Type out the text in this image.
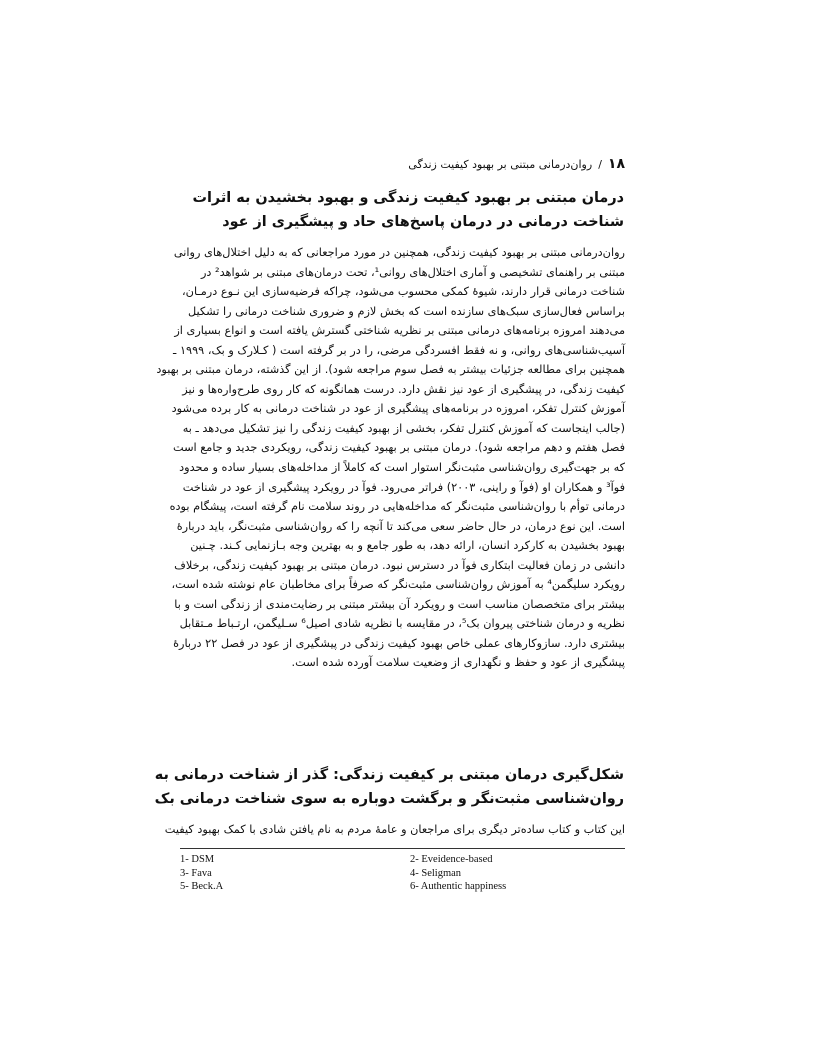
۱۸
/
روان‌درمانی مبتنی بر بهبود کیفیت زندگی
درمان مبتنی بر بهبود کیفیت زندگی و بهبود بخشیدن به اثرات
شناخت درمانی در درمان پاسخ‌های حاد و پیشگیری از عود
روان‌درمانی مبتنی بر بهبود کیفیت زندگی، همچنین در مورد مراجعانی که به دلیل اختلال‌های روانی
مبتنی بر راهنمای تشخیصی و آماری اختلال‌های روانی¹، تحت درمان‌های مبتنی بر شواهد² در
شناخت درمانی قرار دارند، شیوهٔ کمکی محسوب می‌شود، چراکه فرضیه‌سازی این نـوع درمـان،
براساس فعال‌سازی سبک‌های سازنده است که بخش لازم و ضروری شناخت درمانی را تشکیل
می‌دهند امروزه برنامه‌های درمانی مبتنی بر نظریه شناختی گسترش یافته است و انواع بسیاری از
آسیب‌شناسی‌های روانی، و نه فقط افسردگی مرضی، را در بر گرفته است ( کـلارک و بک، ۱۹۹۹ ـ
همچنین برای مطالعه جزئیات بیشتر به فصل سوم مراجعه شود). از این گذشته، درمان مبتنی بر بهبود
کیفیت زندگی، در پیشگیری از عود نیز نقش دارد. درست همانگونه که کار روی طرح‌واره‌ها و نیز
آموزش کنترل تفکر، امروزه در برنامه‌های پیشگیری از عود در شناخت درمانی به کار برده می‌شود
(جالب اینجاست که آموزش کنترل تفکر، بخشی از بهبود کیفیت زندگی را نیز تشکیل می‌دهد ـ به
فصل هفتم و دهم مراجعه شود). درمان مبتنی بر بهبود کیفیت زندگی، رویکردی جدید و جامع است
که بر جهت‌گیری روان‌شناسی مثبت‌نگر استوار است که کاملاً از مداخله‌های بسیار ساده و محدود
فوآ³ و همکاران او (فوآ و راینی، ۲۰۰۳) فراتر می‌رود. فوآ در رویکرد پیشگیری از عود در شناخت
درمانی توأم با روان‌شناسی مثبت‌نگر که مداخله‌هایی در روند سلامت نام گرفته است، پیشگام بوده
است. این نوع درمان، در حال حاضر سعی می‌کند تا آنچه را که روان‌شناسی مثبت‌نگر، باید دربارهٔ
بهبود بخشیدن به کارکرد انسان، ارائه دهد، به طور جامع و به بهترین وجه بـازنمایی کـند. چـنین
دانشی در زمان فعالیت ابتکاری فوآ در دسترس نبود. درمان مبتنی بر بهبود کیفیت زندگی، برخلاف
رویکرد سلیگمن⁴ به آموزش روان‌شناسی مثبت‌نگر که صرفاً برای مخاطبان عام نوشته شده است،
بیشتر برای متخصصان مناسب است و رویکرد آن بیشتر مبتنی بر رضایت‌مندی از زندگی است و با
نظریه و درمان شناختی پیروان بک⁵، در مقایسه با نظریه شادی اصیل⁶ سـلیگمن، ارتـباط مـتقابل
بیشتری دارد. سازوکارهای عملی خاص بهبود کیفیت زندگی در پیشگیری از عود در فصل ۲۲ دربارهٔ
پیشگیری از عود و حفظ و نگهداری از وضعیت سلامت آورده شده است.
شکل‌گیری درمان مبتنی بر کیفیت زندگی: گذر از شناخت درمانی به
روان‌شناسی مثبت‌نگر و برگشت دوباره به سوی شناخت درمانی بک
این کتاب و کتاب ساده‌تر دیگری برای مراجعان و عامهٔ مردم به نام یافتن شادی با کمک بهبود کیفیت
1- DSM	2- Eveidence-based
3- Fava	4- Seligman
5- Beck.A	6- Authentic happiness
